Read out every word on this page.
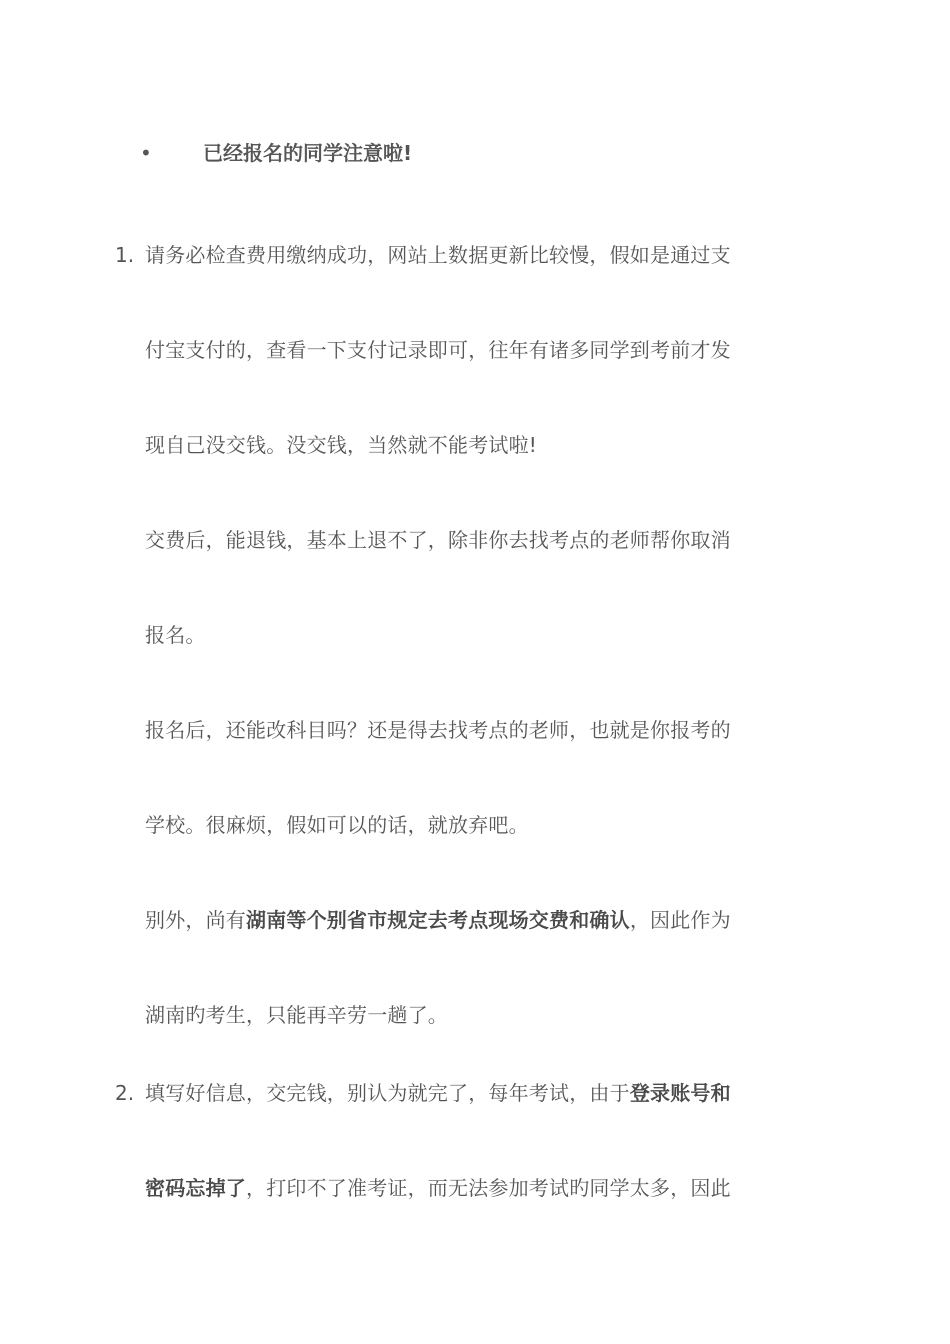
•	已经报名的同学注意啦!
1. 请务必检查费用缴纳成功，网站上数据更新比较慢，假如是通过支
付宝支付的，查看一下支付记录即可，往年有诸多同学到考前才发
现自己没交钱。没交钱，当然就不能考试啦!
交费后，能退钱，基本上退不了，除非你去找考点的老师帮你取消
报名。
报名后，还能改科目吗？还是得去找考点的老师，也就是你报考的
学校。很麻烦，假如可以的话，就放弃吧。
别外，尚有湖南等个别省市规定去考点现场交费和确认，因此作为
湖南旳考生，只能再辛劳一趟了。
2. 填写好信息，交完钱，别认为就完了，每年考试，由于登录账号和
密码忘掉了，打印不了准考证，而无法参加考试旳同学太多，因此
